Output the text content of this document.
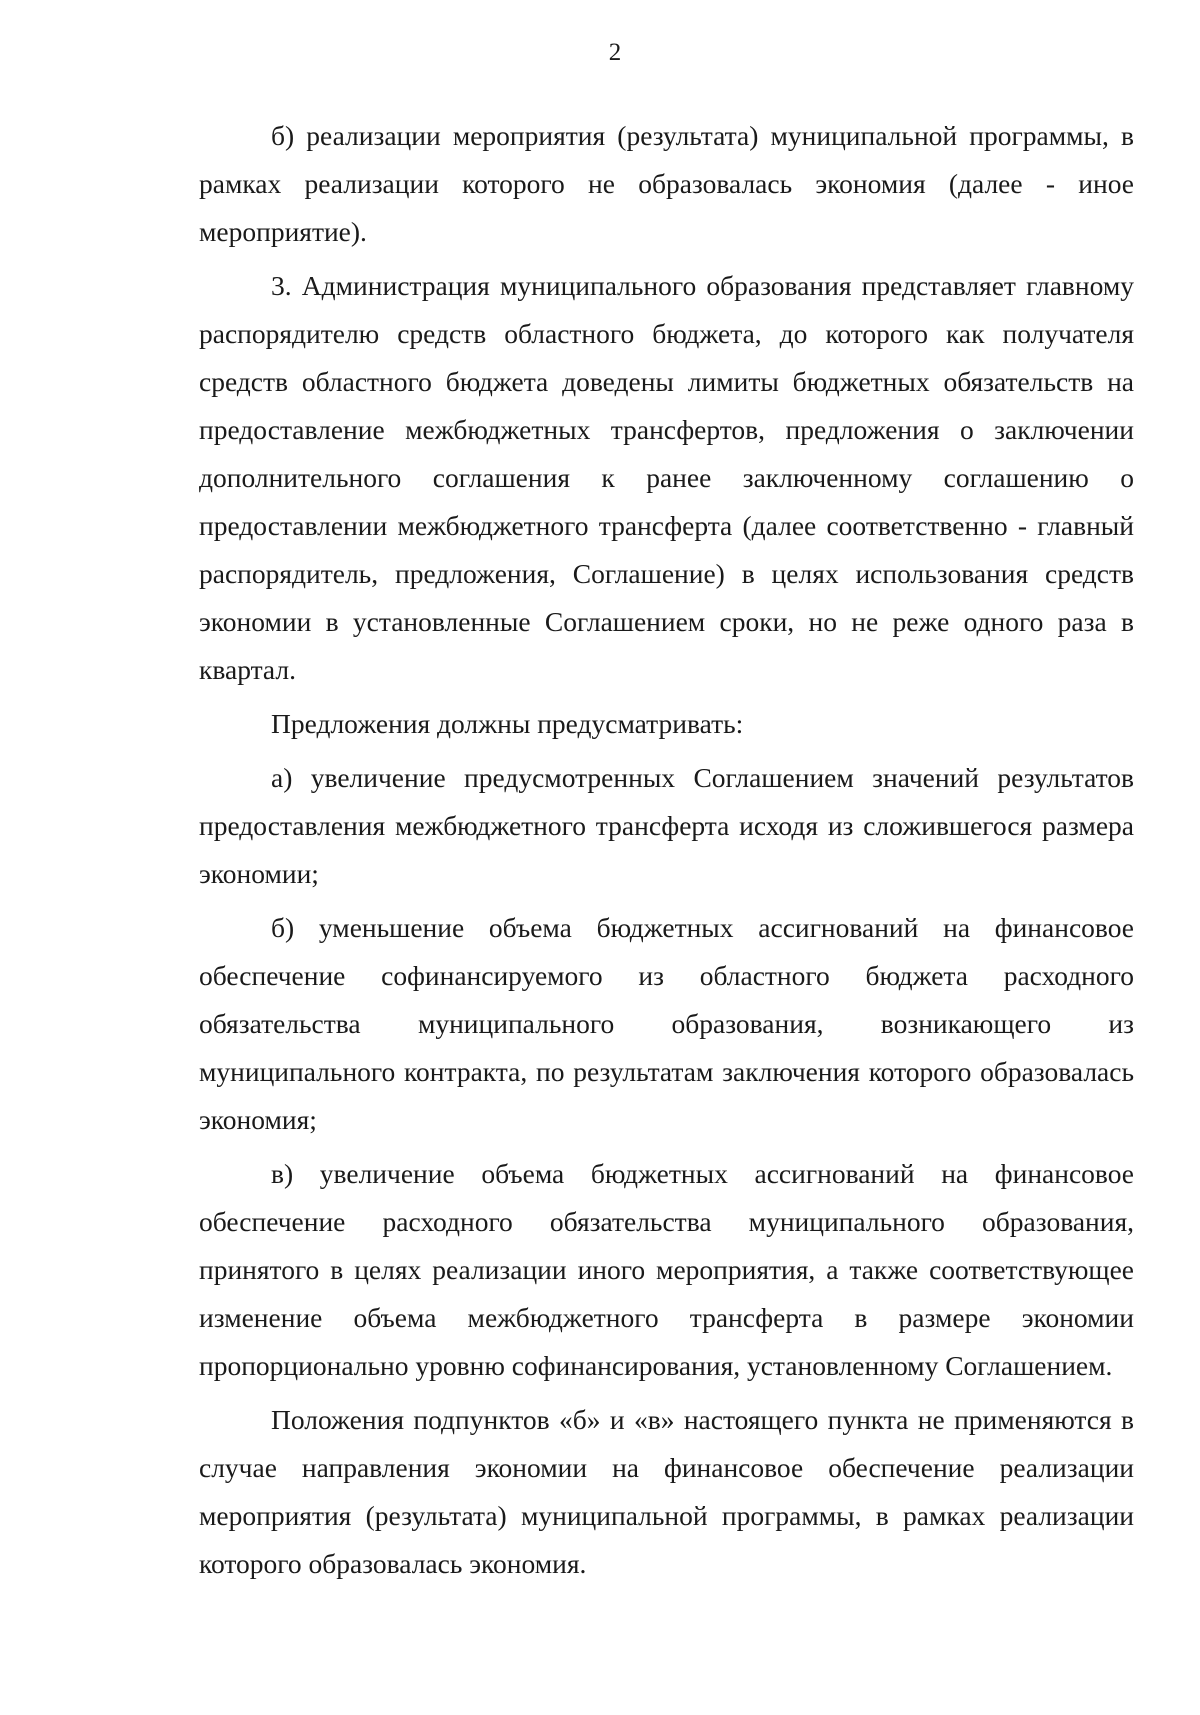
2

б) реализации мероприятия (результата) муниципальной программы, в рамках реализации которого не образовалась экономия (далее - иное мероприятие).

3. Администрация муниципального образования представляет главному распорядителю средств областного бюджета, до которого как получателя средств областного бюджета доведены лимиты бюджетных обязательств на предоставление межбюджетных трансфертов, предложения о заключении дополнительного соглашения к ранее заключенному соглашению о предоставлении межбюджетного трансферта (далее соответственно - главный распорядитель, предложения, Соглашение) в целях использования средств экономии в установленные Соглашением сроки, но не реже одного раза в квартал.

Предложения должны предусматривать:

а) увеличение предусмотренных Соглашением значений результатов предоставления межбюджетного трансферта исходя из сложившегося размера экономии;

б) уменьшение объема бюджетных ассигнований на финансовое обеспечение софинансируемого из областного бюджета расходного обязательства муниципального образования, возникающего из муниципального контракта, по результатам заключения которого образовалась экономия;

в) увеличение объема бюджетных ассигнований на финансовое обеспечение расходного обязательства муниципального образования, принятого в целях реализации иного мероприятия, а также соответствующее изменение объема межбюджетного трансферта в размере экономии пропорционально уровню софинансирования, установленному Соглашением.

Положения подпунктов «б» и «в» настоящего пункта не применяются в случае направления экономии на финансовое обеспечение реализации мероприятия (результата) муниципальной программы, в рамках реализации которого образовалась экономия.
